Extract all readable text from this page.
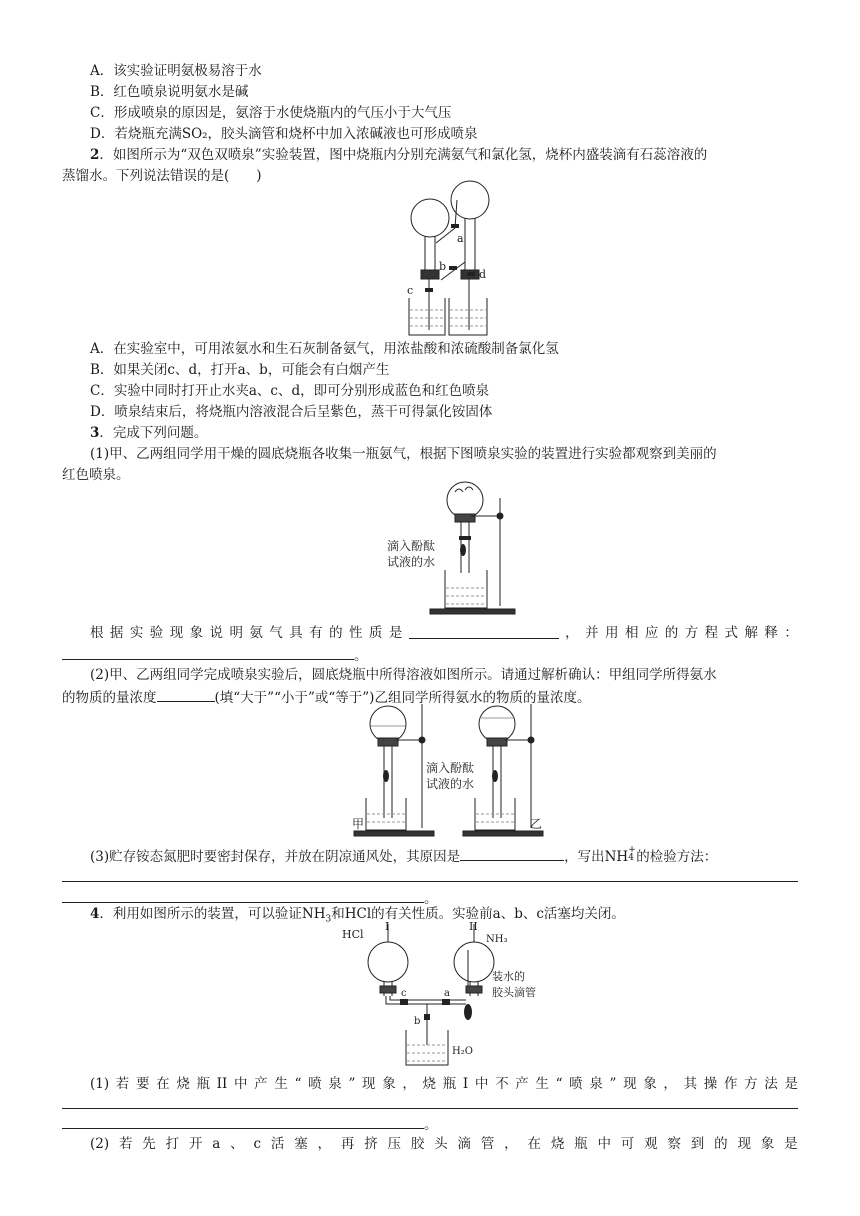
A．该实验证明氨极易溶于水
B．红色喷泉说明氨水是碱
C．形成喷泉的原因是，氨溶于水使烧瓶内的气压小于大气压
D．若烧瓶充满SO₂，胶头滴管和烧杯中加入浓碱液也可形成喷泉
2．如图所示为“双色双喷泉”实验装置，图中烧瓶内分别充满氨气和氯化氢，烧杯内盛装滴有石蕊溶液的
蒸馏水。下列说法错误的是(　　)
a
b
c
d
A．在实验室中，可用浓氨水和生石灰制备氨气，用浓盐酸和浓硫酸制备氯化氢
B．如果关闭c、d，打开a、b，可能会有白烟产生
C．实验中同时打开止水夹a、c、d，即可分别形成蓝色和红色喷泉
D．喷泉结束后，将烧瓶内溶液混合后呈紫色，蒸干可得氯化铵固体
3．完成下列问题。
(1)甲、乙两组同学用干燥的圆底烧瓶各收集一瓶氨气，根据下图喷泉实验的装置进行实验都观察到美丽的
红色喷泉。
滴入酚酞
试液的水
根 据 实 验 现 象 说 明 氨 气 具 有 的 性 质 是	， 并 用 相 应 的 方 程 式 解 释 ：
。
(2)甲、乙两组同学完成喷泉实验后，圆底烧瓶中所得溶液如图所示。请通过解析确认：甲组同学所得氨水
的物质的量浓度	(填“大于”“小于”或“等于”)乙组同学所得氨水的物质的量浓度。
滴入酚酞
试液的水
甲	乙
(3)贮存铵态氮肥时要密封保存，并放在阴凉通风处，其原因是	，写出NH +
4 的检验方法：
。
4．利用如图所示的装置，可以验证$NH_3$和HCl的有关性质。实验前a、b、c活塞均关闭。
HCl
I	II
NH₃
装水的
胶头滴管
c	a
b
H₂O
(1) 若 要 在 烧 瓶 II 中 产 生 “ 喷 泉 ” 现 象 ， 烧 瓶 I 中 不 产 生 “ 喷 泉 ” 现 象 ， 其 操 作 方 法 是
。
(2) 若 先 打 开 a 、 c 活 塞 ， 再 挤 压 胶 头 滴 管 ， 在 烧 瓶 中 可 观 察 到 的 现 象 是
